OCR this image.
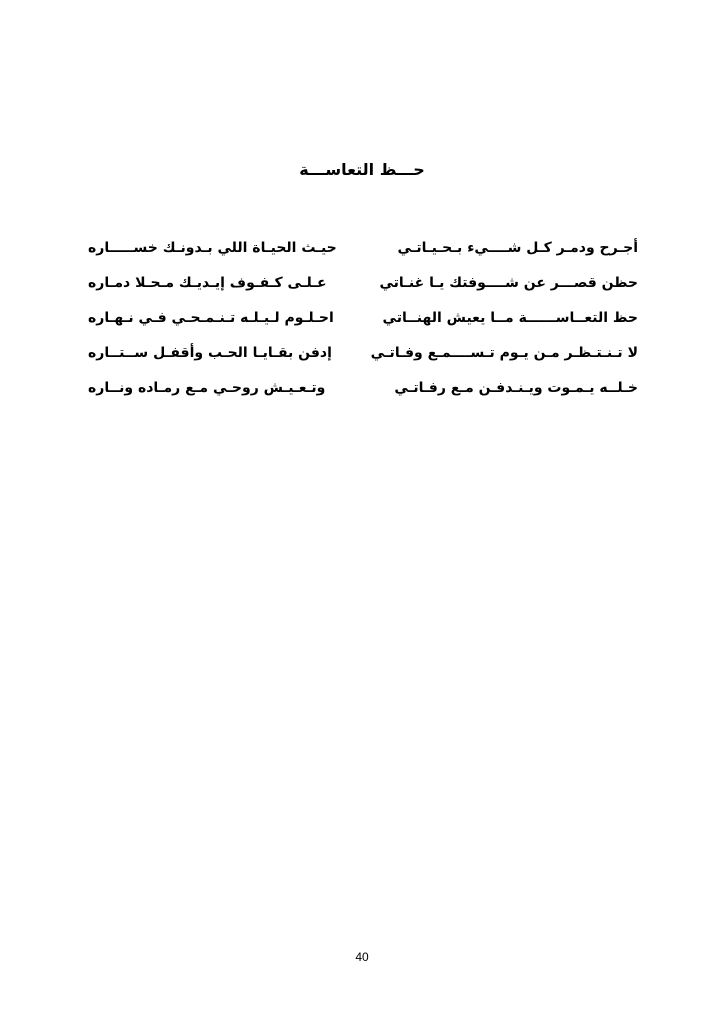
حـــظ التعاســـة
أجـرح ودمـر كـل شــــيء بـحـيـاتـي
حيـث الحيـاة اللي بـدونـك خســـــاره
حظن قصـــر عن شــــوفتك يـا غنـاتي
عـلـى كـفـوف إيـديـك مـحـلا دمـاره
حظ التعــاســــــة مــا يعيش الهنــاتي
احـلـوم لـيـلـه تـنـمـحـي فـي نـهـاره
لا تـنـتـظـر مـن يـوم تـســــمـع وفـاتـي
إدفن بقـايـا الحـب وأقفـل ســتــاره
خـلــه يـمـوت ويـنـدفـن مـع رفـاتـي
وتـعـيـش روحـي مـع رمـاده ونــاره
40
